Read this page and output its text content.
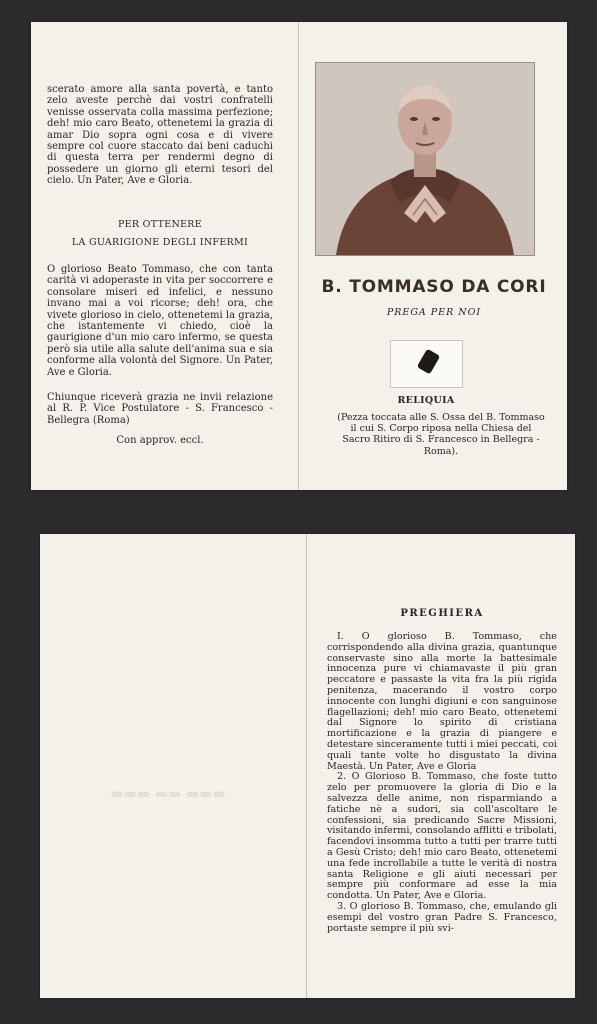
scerato amore alla santa povertà, e tanto zelo aveste perchè dai vostri confratelli venisse osservata colla massima perfezione; deh! mio caro Beato, ottenetemi la grazia di amar Dio sopra ogni cosa e di vivere sempre col cuore staccato dai beni caduchi di questa terra per rendermi degno di possedere un giorno gli eterni tesori del cielo. Un Pater, Ave e Gloria.

PER OTTENERE

LA GUARIGIONE DEGLI INFERMI

O glorioso Beato Tommaso, che con tanta carità vi adoperaste in vita per soccorrere e consolare miseri ed infelici, e nessuno invano mai a voi ricorse; deh! ora, che vivete glorioso in cielo, ottenetemi la grazia, che istantemente vi chiedo, cioè la gaurigione d'un mio caro infermo, se questa però sia utile alla salute dell'anima sua e sia conforme alla volontà del Signore. Un Pater, Ave e Gloria.

Chiunque riceverà grazia ne invii relazione al R. P. Vice Postulatore - S. Francesco - Bellegra (Roma)

Con approv. eccl.

B. TOMMASO DA CORI
PREGA PER NOI
RELIQUIA
(Pezza toccata alle S. Ossa del B. Tommaso il cui S. Corpo riposa nella Chiesa del Sacro Ritiro di S. Francesco in Bellegra - Roma).
▬▬▬ ▬▬ ▬▬▬
PREGHIERA

I. O glorioso B. Tommaso, che corrispondendo alla divina grazia, quantunque conservaste sino alla morte la battesimale innocenza pure vi chiamavaste il più gran peccatore e passaste la vita fra la più rigida penitenza, macerando il vostro corpo innocente con lunghi digiuni e con sanguinose flagellazioni; deh! mio caro Beato, ottenetemi dal Signore lo spirito di cristiana mortificazione e la grazia di piangere e detestare sinceramente tutti i miei peccati, coi quali tante volte ho disgustato la divina Maestà. Un Pater, Ave e Gloria

2. O Glorioso B. Tommaso, che foste tutto zelo per promuovere la gloria di Dio e la salvezza delle anime, non risparmiando a fatiche nè a sudori, sia coll'ascoltare le confessioni, sia predicando Sacre Missioni, visitando infermi, consolando afflitti e tribolati, facendovi insomma tutto a tutti per trarre tutti a Gesù Cristo; deh! mio caro Beato, ottenetemi una fede incrollabile a tutte le verità di nostra santa Religione e gli aiuti necessari per sempre più conformare ad esse la mia condotta. Un Pater, Ave e Gloria.

3. O glorioso B. Tommaso, che, emulando gli esempi del vostro gran Padre S. Francesco, portaste sempre il più svi-
